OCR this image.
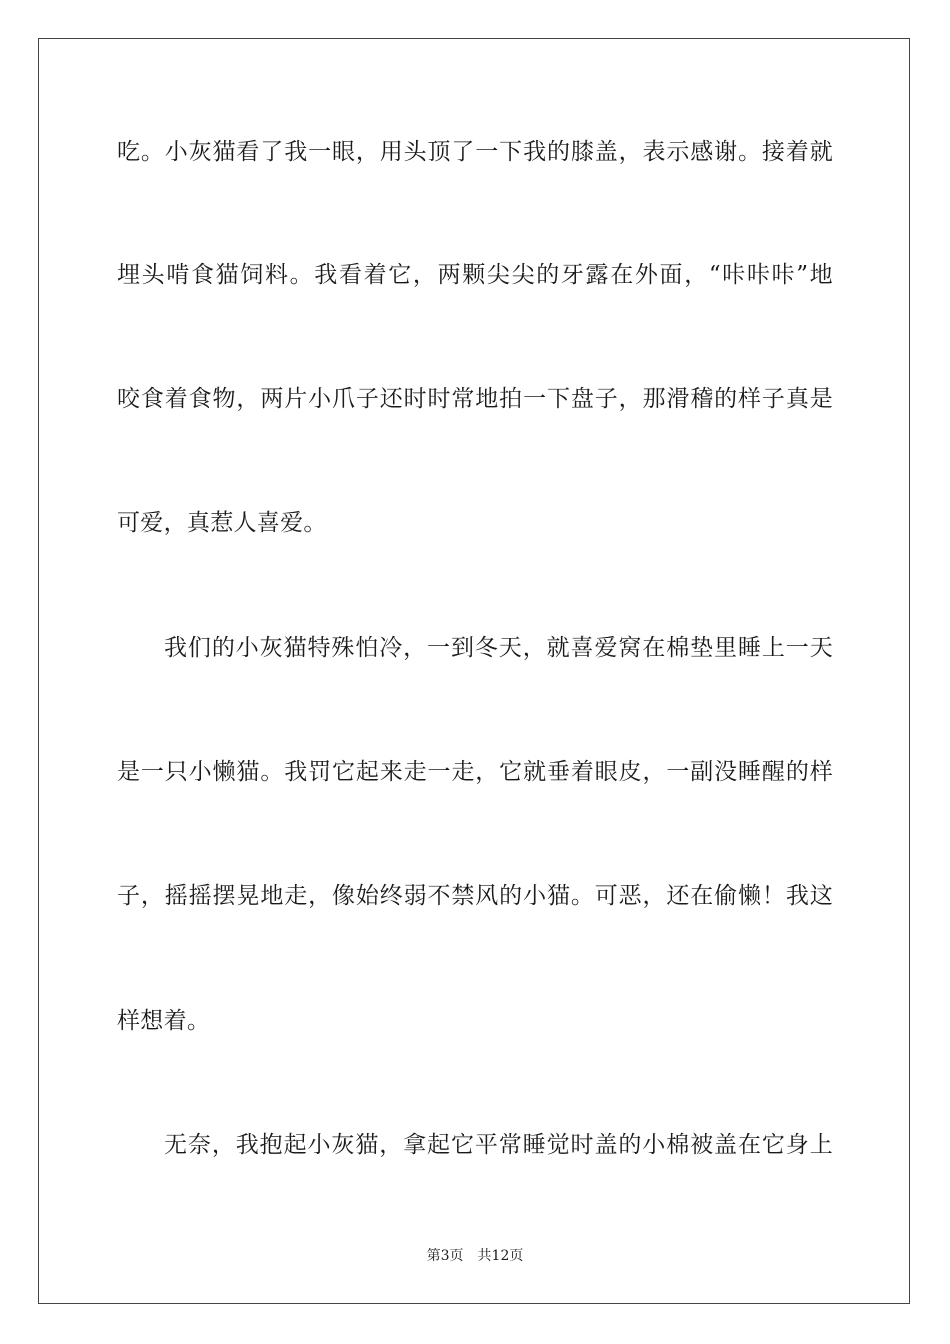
吃。小灰猫看了我一眼，用头顶了一下我的膝盖，表示感谢。接着就
埋头啃食猫饲料。我看着它，两颗尖尖的牙露在外面，“咔咔咔”地
咬食着食物，两片小爪子还时时常地拍一下盘子，那滑稽的样子真是
可爱，真惹人喜爱。
我们的小灰猫特殊怕冷，一到冬天，就喜爱窝在棉垫里睡上一天
是一只小懒猫。我罚它起来走一走，它就垂着眼皮，一副没睡醒的样
子，摇摇摆晃地走，像始终弱不禁风的小猫。可恶，还在偷懒！我这
样想着。
无奈，我抱起小灰猫，拿起它平常睡觉时盖的小棉被盖在它身上
第3页 共12页
